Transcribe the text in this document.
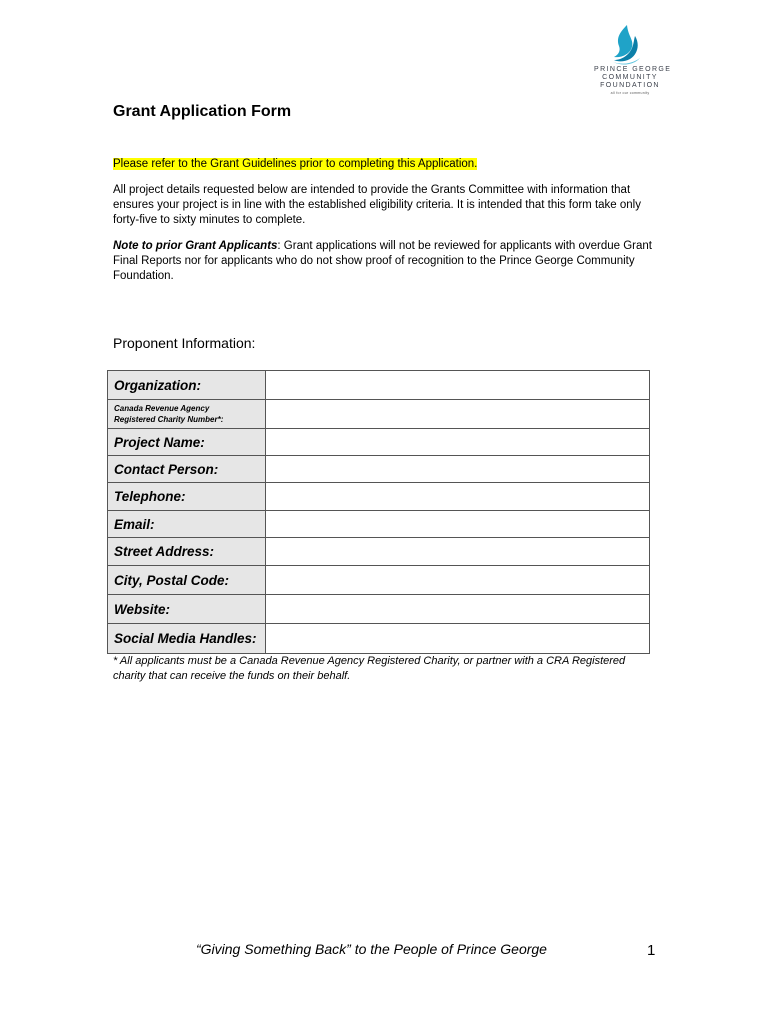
PRINCE GEORGE
COMMUNITY
FOUNDATION
all for our community
Grant Application Form
Please refer to the Grant Guidelines prior to completing this Application.
All project details requested below are intended to provide the Grants Committee with information that ensures your project is in line with the established eligibility criteria. It is intended that this form take only forty-five to sixty minutes to complete.
Note to prior Grant Applicants: Grant applications will not be reviewed for applicants with overdue Grant Final Reports nor for applicants who do not show proof of recognition to the Prince George Community Foundation.
Proponent Information:
Organization:	

Canada Revenue Agency Registered Charity Number*:	

Project Name:	
Contact Person:	
Telephone:	
Email:	
Street Address:	
City, Postal Code:	
Website:	
Social Media Handles:	
* All applicants must be a Canada Revenue Agency Registered Charity, or partner with a CRA Registered charity that can receive the funds on their behalf.
“Giving Something Back” to the People of Prince George	1
